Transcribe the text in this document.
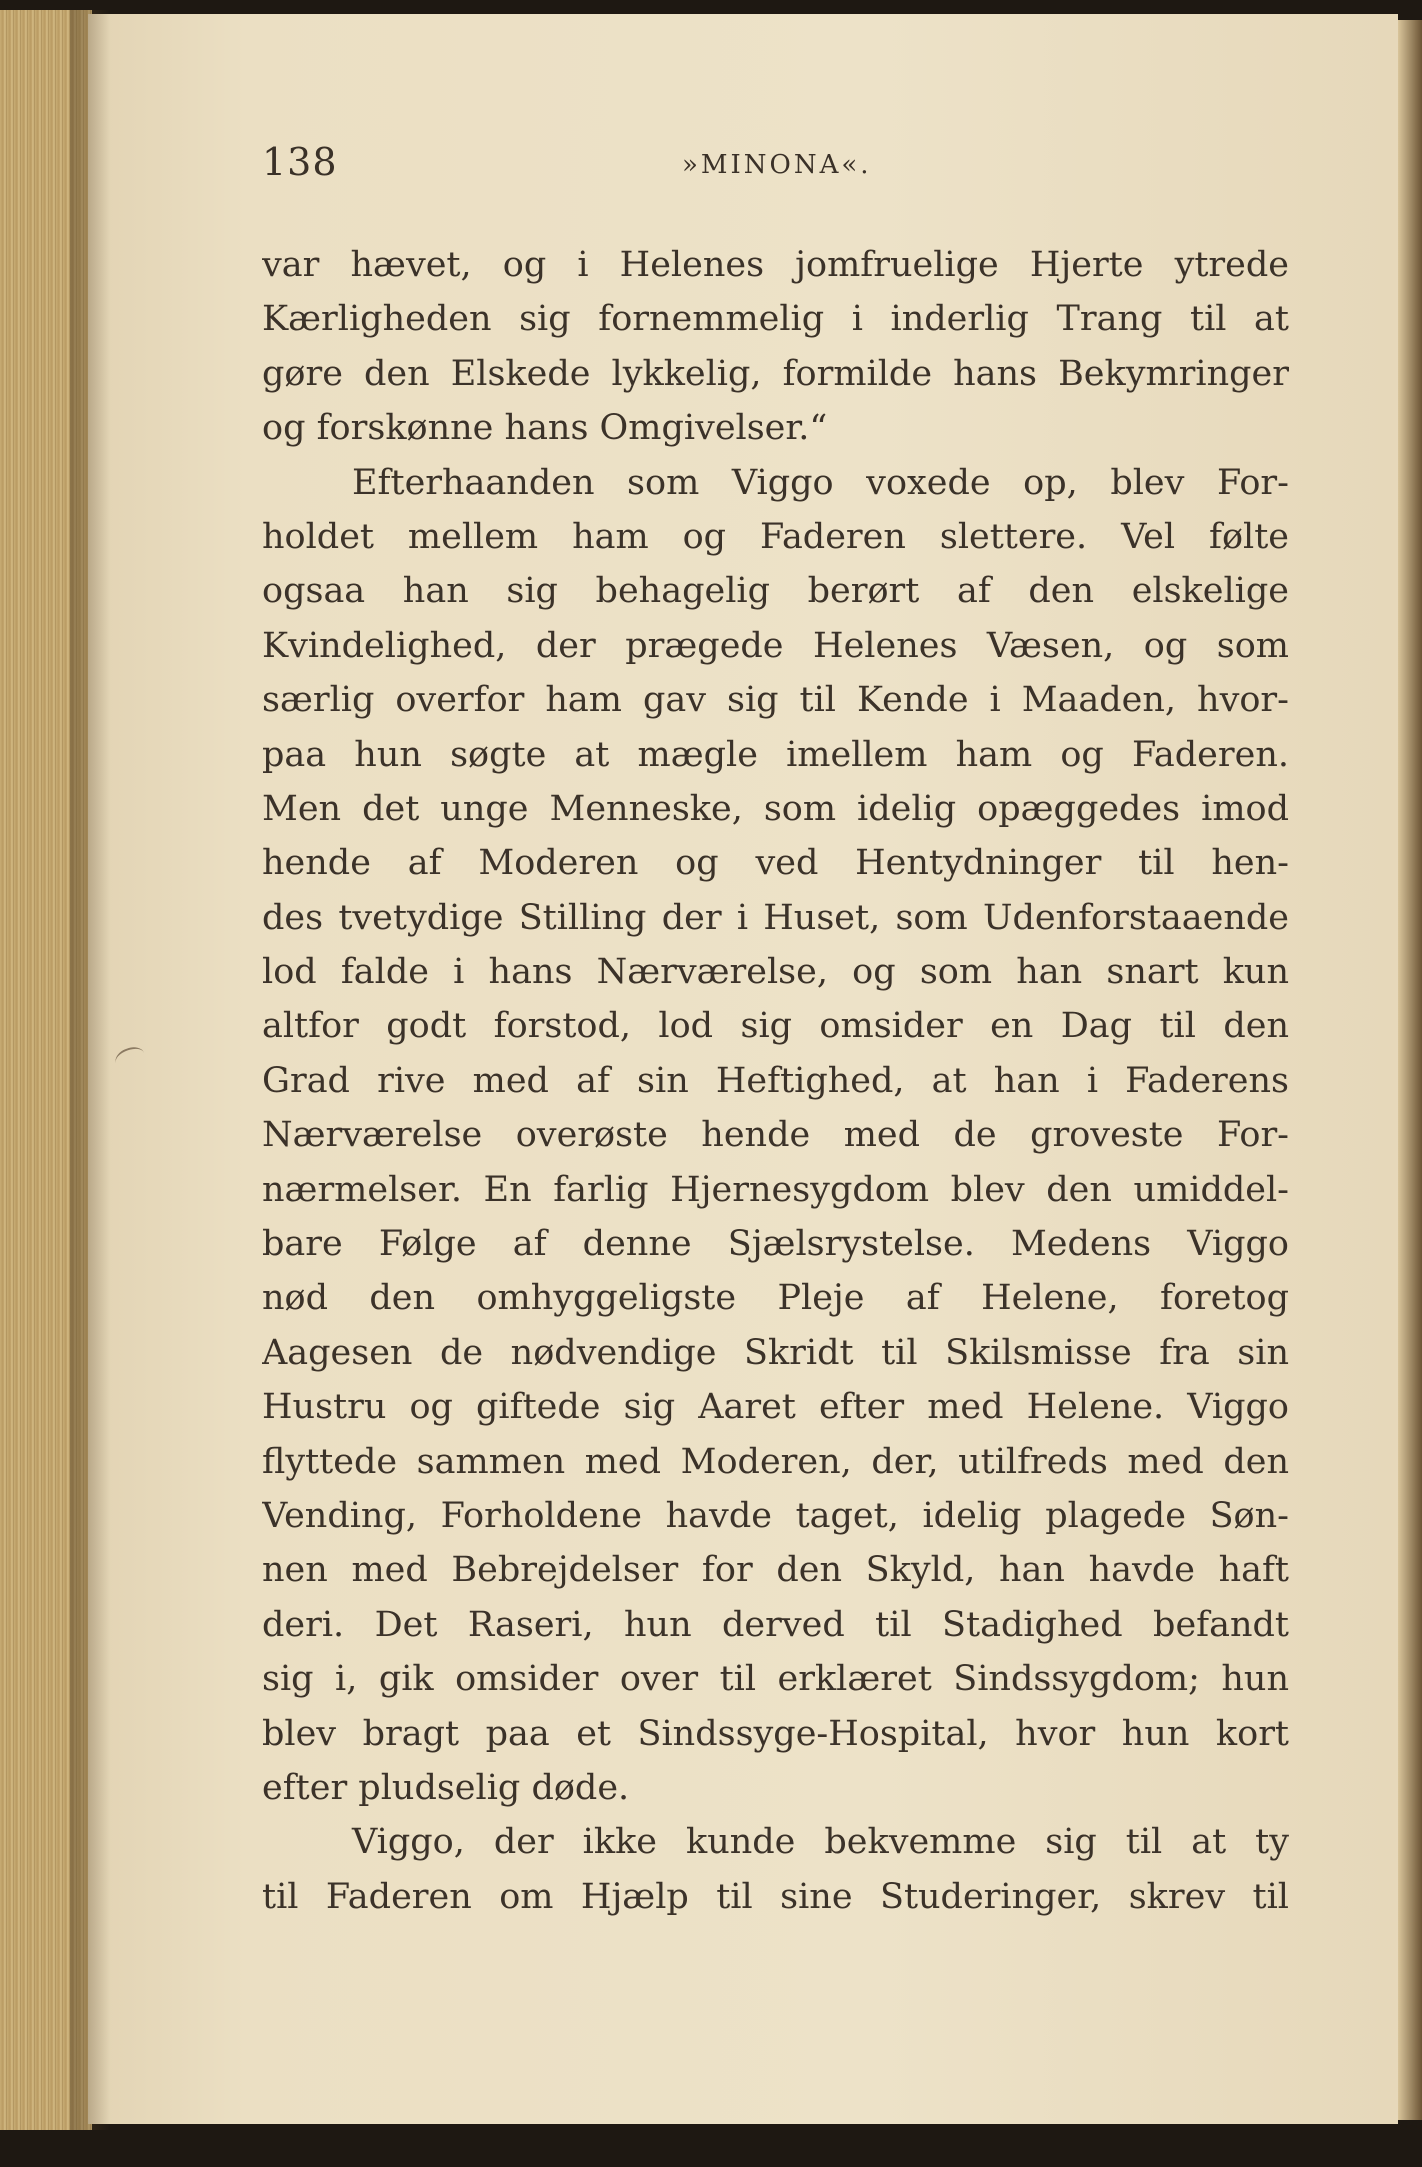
138	»MINONA«.
var hævet, og i Helenes jomfruelige Hjerte ytrede
Kærligheden sig fornemmelig i inderlig Trang til at
gøre den Elskede lykkelig, formilde hans Bekymringer
og forskønne hans Omgivelser.“
Efterhaanden som Viggo voxede op, blev For-
holdet mellem ham og Faderen slettere. Vel følte
ogsaa han sig behagelig berørt af den elskelige
Kvindelighed, der prægede Helenes Væsen, og som
særlig overfor ham gav sig til Kende i Maaden, hvor-
paa hun søgte at mægle imellem ham og Faderen.
Men det unge Menneske, som idelig opæggedes imod
hende af Moderen og ved Hentydninger til hen-
des tvetydige Stilling der i Huset, som Udenforstaaende
lod falde i hans Nærværelse, og som han snart kun
altfor godt forstod, lod sig omsider en Dag til den
Grad rive med af sin Heftighed, at han i Faderens
Nærværelse overøste hende med de groveste For-
nærmelser. En farlig Hjernesygdom blev den umiddel-
bare Følge af denne Sjælsrystelse. Medens Viggo
nød den omhyggeligste Pleje af Helene, foretog
Aagesen de nødvendige Skridt til Skilsmisse fra sin
Hustru og giftede sig Aaret efter med Helene. Viggo
flyttede sammen med Moderen, der, utilfreds med den
Vending, Forholdene havde taget, idelig plagede Søn-
nen med Bebrejdelser for den Skyld, han havde haft
deri. Det Raseri, hun derved til Stadighed befandt
sig i, gik omsider over til erklæret Sindssygdom; hun
blev bragt paa et Sindssyge-Hospital, hvor hun kort
efter pludselig døde.
Viggo, der ikke kunde bekvemme sig til at ty
til Faderen om Hjælp til sine Studeringer, skrev til
